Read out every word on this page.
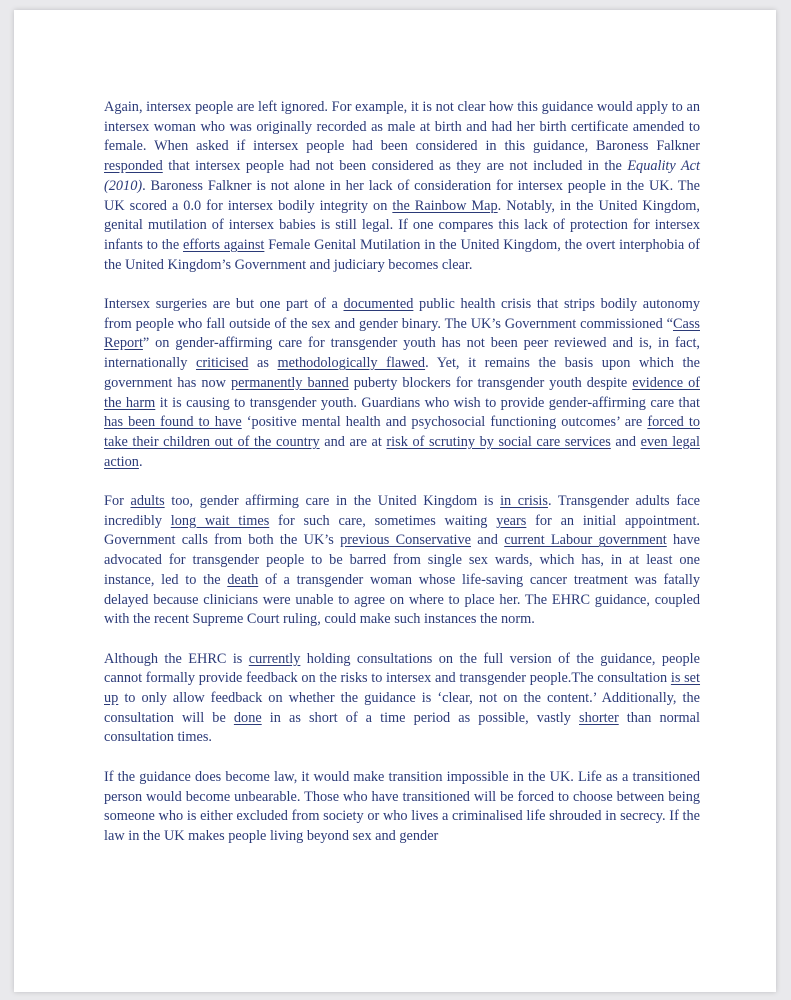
Again, intersex people are left ignored. For example, it is not clear how this guidance would apply to an intersex woman who was originally recorded as male at birth and had her birth certificate amended to female. When asked if intersex people had been considered in this guidance, Baroness Falkner responded that intersex people had not been considered as they are not included in the Equality Act (2010). Baroness Falkner is not alone in her lack of consideration for intersex people in the UK. The UK scored a 0.0 for intersex bodily integrity on the Rainbow Map. Notably, in the United Kingdom, genital mutilation of intersex babies is still legal. If one compares this lack of protection for intersex infants to the efforts against Female Genital Mutilation in the United Kingdom, the overt interphobia of the United Kingdom’s Government and judiciary becomes clear.

Intersex surgeries are but one part of a documented public health crisis that strips bodily autonomy from people who fall outside of the sex and gender binary. The UK’s Government commissioned “Cass Report” on gender-affirming care for transgender youth has not been peer reviewed and is, in fact, internationally criticised as methodologically flawed. Yet, it remains the basis upon which the government has now permanently banned puberty blockers for transgender youth despite evidence of the harm it is causing to transgender youth. Guardians who wish to provide gender-affirming care that has been found to have ‘positive mental health and psychosocial functioning outcomes’ are forced to take their children out of the country and are at risk of scrutiny by social care services and even legal action.

For adults too, gender affirming care in the United Kingdom is in crisis. Transgender adults face incredibly long wait times for such care, sometimes waiting years for an initial appointment. Government calls from both the UK’s previous Conservative and current Labour government have advocated for transgender people to be barred from single sex wards, which has, in at least one instance, led to the death of a transgender woman whose life-saving cancer treatment was fatally delayed because clinicians were unable to agree on where to place her. The EHRC guidance, coupled with the recent Supreme Court ruling, could make such instances the norm.

Although the EHRC is currently holding consultations on the full version of the guidance, people cannot formally provide feedback on the risks to intersex and transgender people.The consultation is set up to only allow feedback on whether the guidance is ‘clear, not on the content.’ Additionally, the consultation will be done in as short of a time period as possible, vastly shorter than normal consultation times.

If the guidance does become law, it would make transition impossible in the UK. Life as a transitioned person would become unbearable. Those who have transitioned will be forced to choose between being someone who is either excluded from society or who lives a criminalised life shrouded in secrecy. If the law in the UK makes people living beyond sex and gender
